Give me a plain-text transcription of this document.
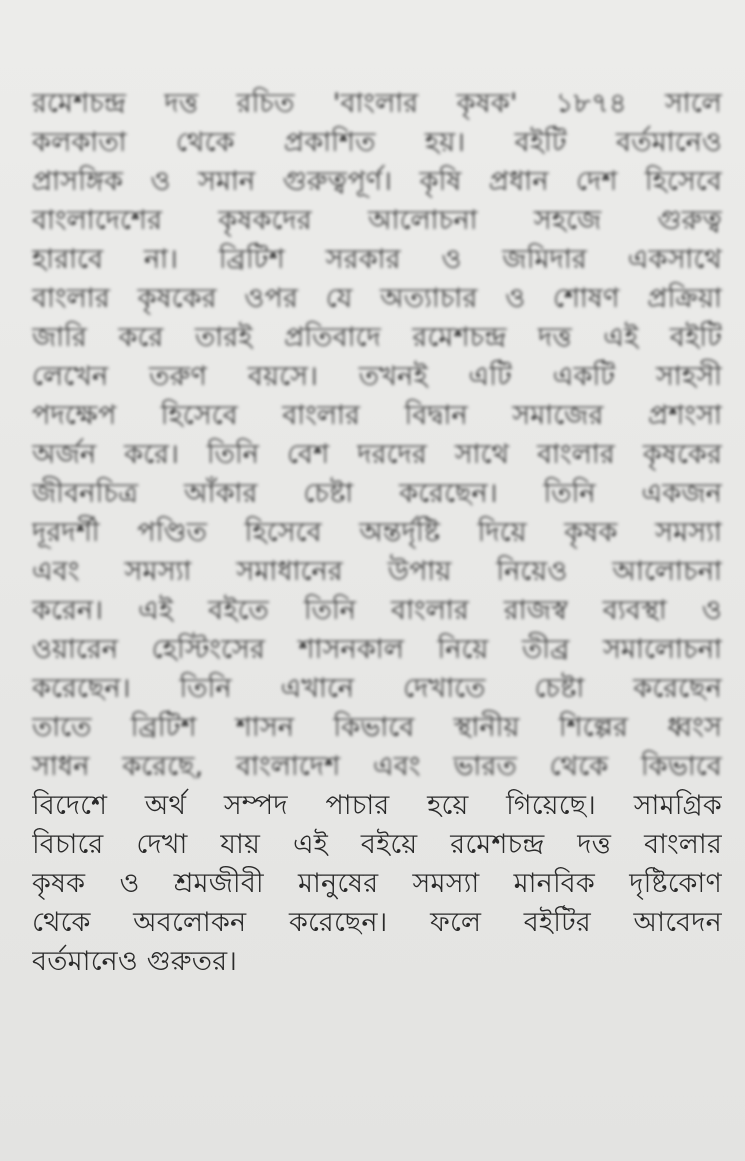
রমেশচন্দ্র দত্ত রচিত 'বাংলার কৃষক' ১৮৭৪ সালে
কলকাতা থেকে প্রকাশিত হয়। বইটি বর্তমানেও
প্রাসঙ্গিক ও সমান গুরুত্বপূর্ণ। কৃষি প্রধান দেশ হিসেবে
বাংলাদেশের কৃষকদের আলোচনা সহজে গুরুত্ব
হারাবে না। ব্রিটিশ সরকার ও জমিদার একসাথে
বাংলার কৃষকের ওপর যে অত্যাচার ও শোষণ প্রক্রিয়া
জারি করে তারই প্রতিবাদে রমেশচন্দ্র দত্ত এই বইটি
লেখেন তরুণ বয়সে। তখনই এটি একটি সাহসী
পদক্ষেপ হিসেবে বাংলার বিদ্বান সমাজের প্রশংসা
অর্জন করে। তিনি বেশ দরদের সাথে বাংলার কৃষকের
জীবনচিত্র আঁকার চেষ্টা করেছেন। তিনি একজন
দূরদর্শী পণ্ডিত হিসেবে অন্তর্দৃষ্টি দিয়ে কৃষক সমস্যা
এবং সমস্যা সমাধানের উপায় নিয়েও আলোচনা
করেন। এই বইতে তিনি বাংলার রাজস্ব ব্যবস্থা ও
ওয়ারেন হেস্টিংসের শাসনকাল নিয়ে তীব্র সমালোচনা
করেছেন। তিনি এখানে দেখাতে চেষ্টা করেছেন
তাতে ব্রিটিশ শাসন কিভাবে স্থানীয় শিল্পের ধ্বংস
সাধন করেছে, বাংলাদেশ এবং ভারত থেকে কিভাবে
বিদেশে অর্থ সম্পদ পাচার হয়ে গিয়েছে। সামগ্রিক
বিচারে দেখা যায় এই বইয়ে রমেশচন্দ্র দত্ত বাংলার
কৃষক ও শ্রমজীবী মানুষের সমস্যা মানবিক দৃষ্টিকোণ
থেকে অবলোকন করেছেন। ফলে বইটির আবেদন
বর্তমানেও গুরুতর।
